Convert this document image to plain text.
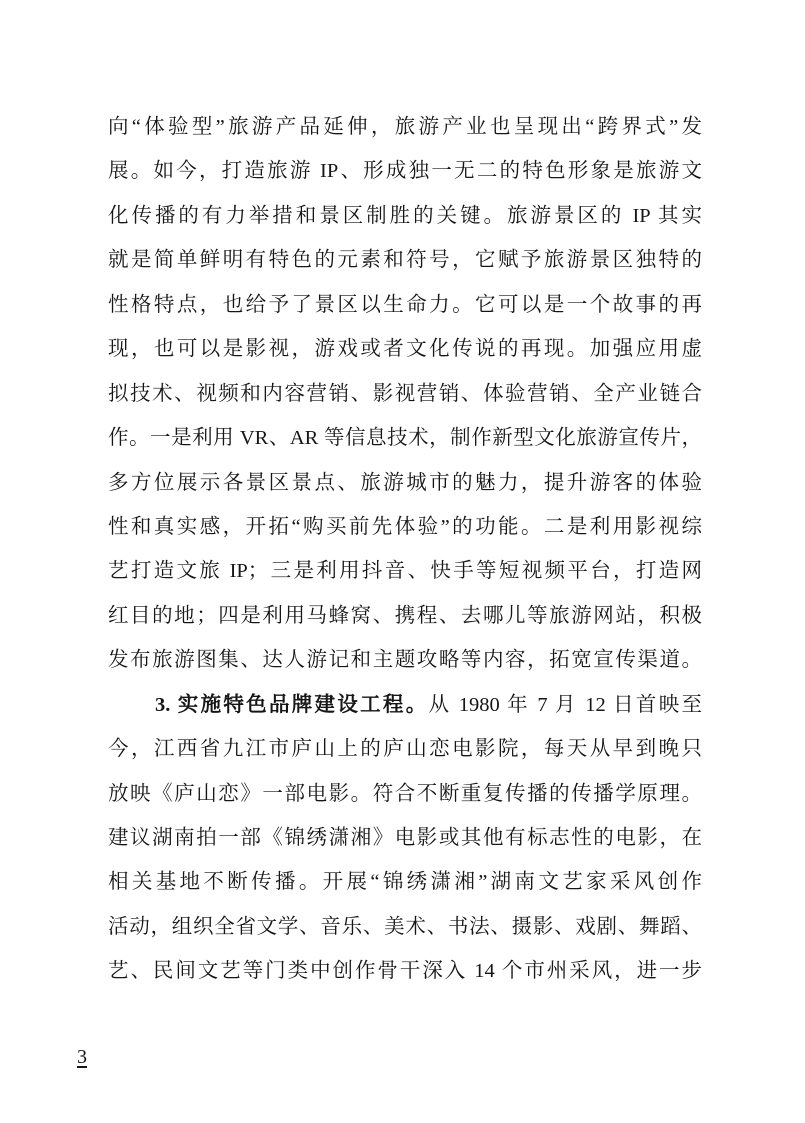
向“体验型”旅游产品延伸，旅游产业也呈现出“跨界式”发
展。如今，打造旅游 IP、形成独一无二的特色形象是旅游文
化传播的有力举措和景区制胜的关键。旅游景区的 IP 其实
就是简单鲜明有特色的元素和符号，它赋予旅游景区独特的
性格特点，也给予了景区以生命力。它可以是一个故事的再
现，也可以是影视，游戏或者文化传说的再现。加强应用虚
拟技术、视频和内容营销、影视营销、体验营销、全产业链合
作。一是利用 VR、AR 等信息技术，制作新型文化旅游宣传片，
多方位展示各景区景点、旅游城市的魅力，提升游客的体验
性和真实感，开拓“购买前先体验”的功能。二是利用影视综
艺打造文旅 IP；三是利用抖音、快手等短视频平台，打造网
红目的地；四是利用马蜂窝、携程、去哪儿等旅游网站，积极
发布旅游图集、达人游记和主题攻略等内容，拓宽宣传渠道。
3. 实施特色品牌建设工程。从 1980 年 7 月 12 日首映至
今，江西省九江市庐山上的庐山恋电影院，每天从早到晚只
放映《庐山恋》一部电影。符合不断重复传播的传播学原理。
建议湖南拍一部《锦绣潇湘》电影或其他有标志性的电影，在
相关基地不断传播。开展“锦绣潇湘”湖南文艺家采风创作
活动，组织全省文学、音乐、美术、书法、摄影、戏剧、舞蹈、
艺、民间文艺等门类中创作骨干深入 14 个市州采风，进一步
3
